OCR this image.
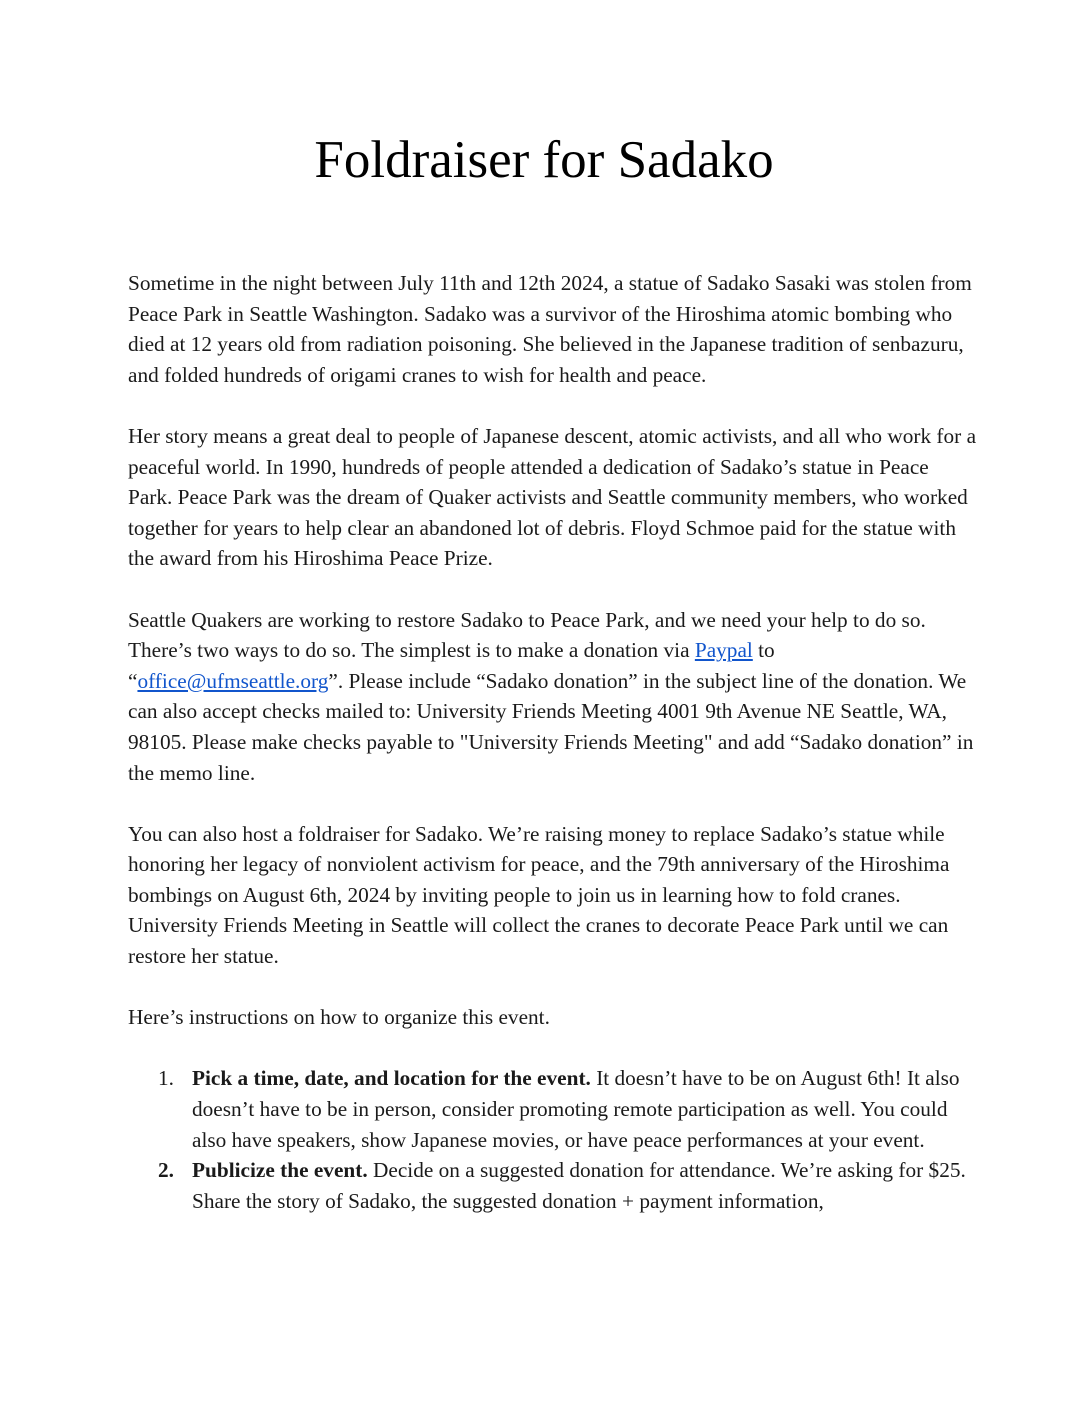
Foldraiser for Sadako

Sometime in the night between July 11th and 12th 2024, a statue of Sadako Sasaki was stolen from Peace Park in Seattle Washington. Sadako was a survivor of the Hiroshima atomic bombing who died at 12 years old from radiation poisoning. She believed in the Japanese tradition of senbazuru, and folded hundreds of origami cranes to wish for health and peace.

Her story means a great deal to people of Japanese descent, atomic activists, and all who work for a peaceful world. In 1990, hundreds of people attended a dedication of Sadako’s statue in Peace Park. Peace Park was the dream of Quaker activists and Seattle community members, who worked together for years to help clear an abandoned lot of debris. Floyd Schmoe paid for the statue with the award from his Hiroshima Peace Prize.

Seattle Quakers are working to restore Sadako to Peace Park, and we need your help to do so. There’s two ways to do so. The simplest is to make a donation via Paypal to “office@ufmseattle.org”. Please include “Sadako donation” in the subject line of the donation. We can also accept checks mailed to: University Friends Meeting 4001 9th Avenue NE Seattle, WA, 98105. Please make checks payable to "University Friends Meeting" and add “Sadako donation” in the memo line.

You can also host a foldraiser for Sadako. We’re raising money to replace Sadako’s statue while honoring her legacy of nonviolent activism for peace, and the 79th anniversary of the Hiroshima bombings on August 6th, 2024 by inviting people to join us in learning how to fold cranes. University Friends Meeting in Seattle will collect the cranes to decorate Peace Park until we can restore her statue.

Here’s instructions on how to organize this event.

1. Pick a time, date, and location for the event. It doesn’t have to be on August 6th! It also doesn’t have to be in person, consider promoting remote participation as well. You could also have speakers, show Japanese movies, or have peace performances at your event.
2. Publicize the event. Decide on a suggested donation for attendance. We’re asking for $25. Share the story of Sadako, the suggested donation + payment information,
